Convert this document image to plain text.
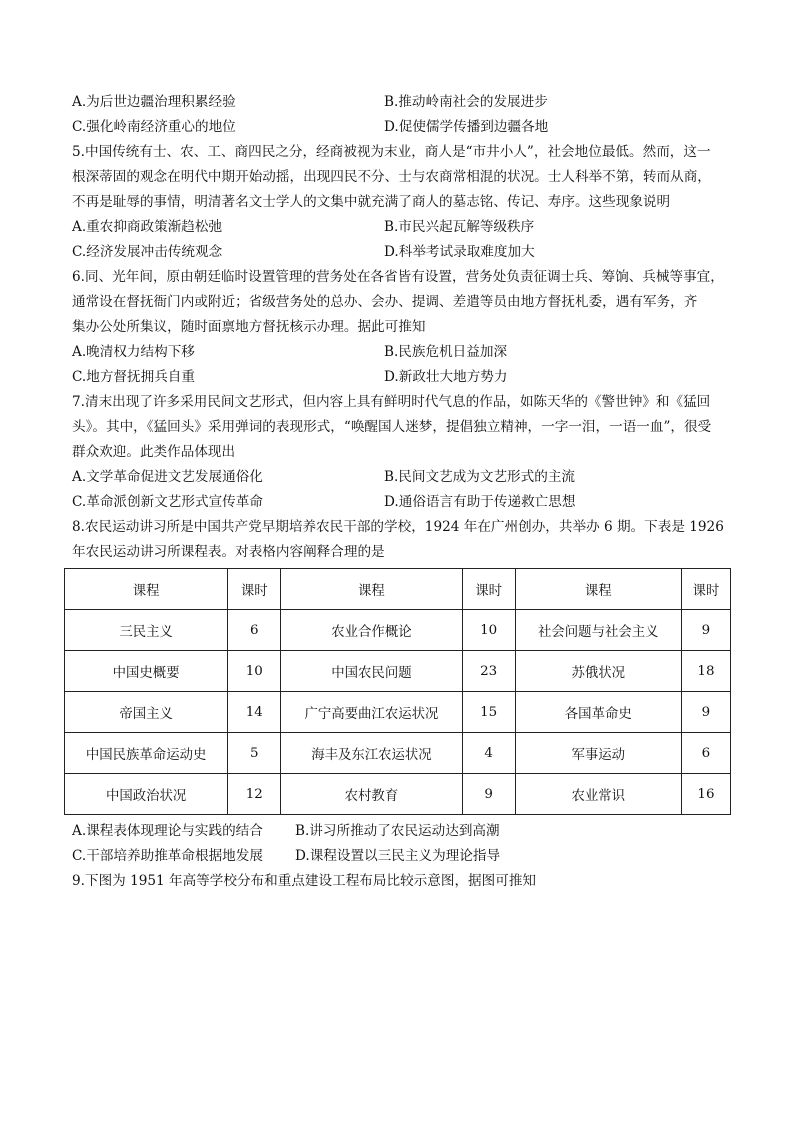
A.为后世边疆治理积累经验	B.推动岭南社会的发展进步
C.强化岭南经济重心的地位	D.促使儒学传播到边疆各地
5.中国传统有士、农、工、商四民之分，经商被视为末业，商人是“市井小人”，社会地位最低。然而，这一
根深蒂固的观念在明代中期开始动摇，出现四民不分、士与农商常相混的状况。士人科举不第，转而从商，
不再是耻辱的事情，明清著名文士学人的文集中就充满了商人的墓志铭、传记、寿序。这些现象说明
A.重农抑商政策渐趋松弛	B.市民兴起瓦解等级秩序
C.经济发展冲击传统观念	D.科举考试录取难度加大
6.同、光年间，原由朝廷临时设置管理的营务处在各省皆有设置，营务处负责征调士兵、筹饷、兵械等事宜，
通常设在督抚衙门内或附近；省级营务处的总办、会办、提调、差遣等员由地方督抚札委，遇有军务，齐
集办公处所集议，随时面禀地方督抚核示办理。据此可推知
A.晚清权力结构下移	B.民族危机日益加深
C.地方督抚拥兵自重	D.新政壮大地方势力
7.清末出现了许多采用民间文艺形式，但内容上具有鲜明时代气息的作品，如陈天华的《警世钟》和《猛回
头》。其中，《猛回头》采用弹词的表现形式，“唤醒国人迷梦，提倡独立精神，一字一泪，一语一血”，很受
群众欢迎。此类作品体现出
A.文学革命促进文艺发展通俗化	B.民间文艺成为文艺形式的主流
C.革命派创新文艺形式宣传革命	D.通俗语言有助于传递救亡思想
8.农民运动讲习所是中国共产党早期培养农民干部的学校，1924 年在广州创办，共举办 6 期。下表是 1926
年农民运动讲习所课程表。对表格内容阐释合理的是
课程	课时	课程	课时	课程	课时
三民主义	6	农业合作概论	10	社会问题与社会主义	9
中国史概要	10	中国农民问题	23	苏俄状况	18
帝国主义	14	广宁高要曲江农运状况	15	各国革命史	9
中国民族革命运动史	5	海丰及东江农运状况	4	军事运动	6
中国政治状况	12	农村教育	9	农业常识	16
A.课程表体现理论与实践的结合	B.讲习所推动了农民运动达到高潮
C.干部培养助推革命根据地发展	D.课程设置以三民主义为理论指导
9.下图为 1951 年高等学校分布和重点建设工程布局比较示意图，据图可推知
